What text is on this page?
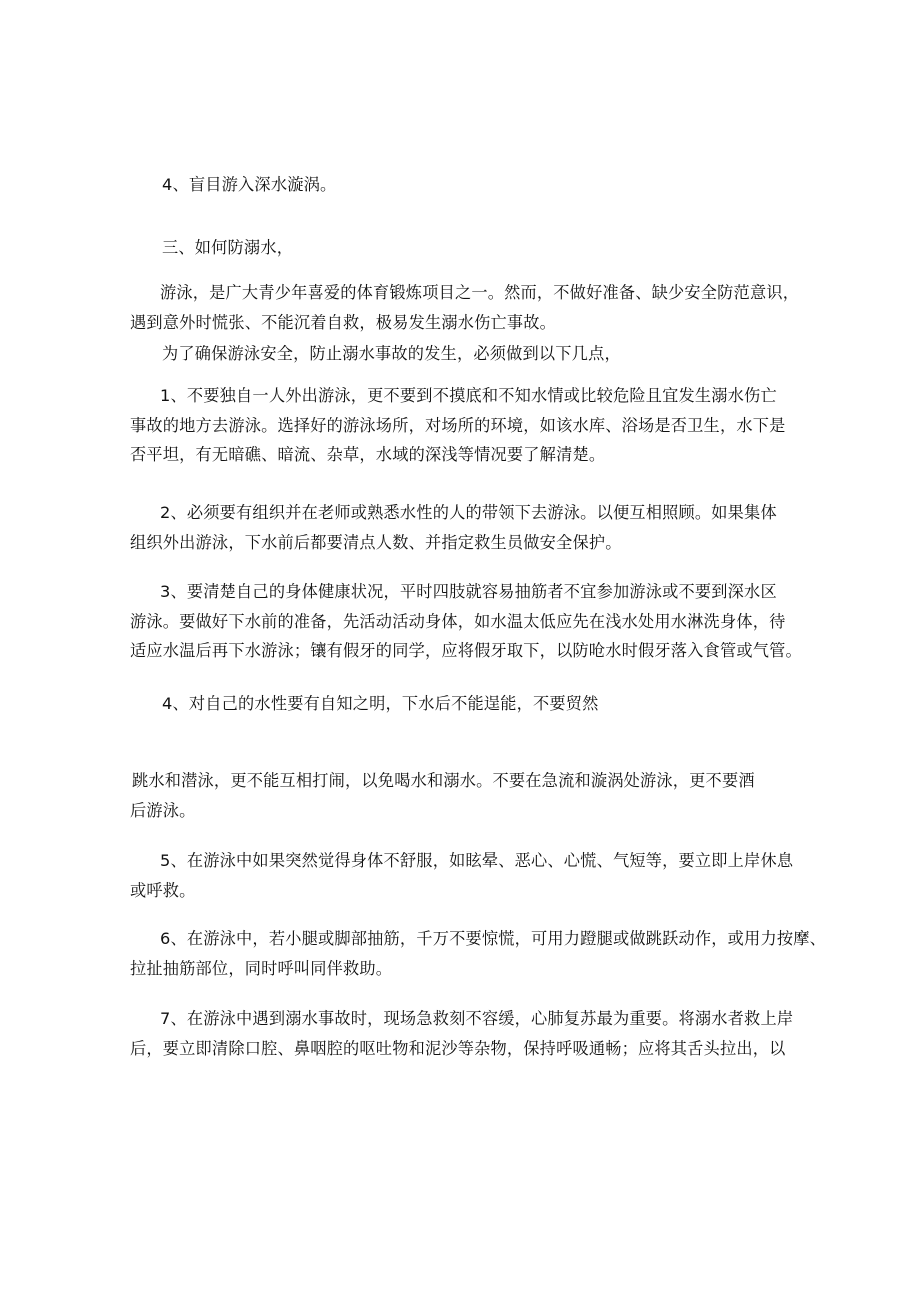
4、盲目游入深水漩涡。

三、如何防溺水，

游泳，是广大青少年喜爱的体育锻炼项目之一。然而，不做好准备、缺少安全防范意识，
遇到意外时慌张、不能沉着自救，极易发生溺水伤亡事故。

为了确保游泳安全，防止溺水事故的发生，必须做到以下几点，

1、不要独自一人外出游泳，更不要到不摸底和不知水情或比较危险且宜发生溺水伤亡
事故的地方去游泳。选择好的游泳场所，对场所的环境，如该水库、浴场是否卫生，水下是
否平坦，有无暗礁、暗流、杂草，水域的深浅等情况要了解清楚。

2、必须要有组织并在老师或熟悉水性的人的带领下去游泳。以便互相照顾。如果集体
组织外出游泳，下水前后都要清点人数、并指定救生员做安全保护。

3、要清楚自己的身体健康状况，平时四肢就容易抽筋者不宜参加游泳或不要到深水区
游泳。要做好下水前的准备，先活动活动身体，如水温太低应先在浅水处用水淋洗身体，待
适应水温后再下水游泳；镶有假牙的同学，应将假牙取下，以防呛水时假牙落入食管或气管。

4、对自己的水性要有自知之明，下水后不能逞能，不要贸然

跳水和潜泳，更不能互相打闹，以免喝水和溺水。不要在急流和漩涡处游泳，更不要酒
后游泳。

5、在游泳中如果突然觉得身体不舒服，如眩晕、恶心、心慌、气短等，要立即上岸休息
或呼救。

6、在游泳中，若小腿或脚部抽筋，千万不要惊慌，可用力蹬腿或做跳跃动作，或用力按摩、
拉扯抽筋部位，同时呼叫同伴救助。

7、在游泳中遇到溺水事故时，现场急救刻不容缓，心肺复苏最为重要。将溺水者救上岸
后，要立即清除口腔、鼻咽腔的呕吐物和泥沙等杂物，保持呼吸通畅；应将其舌头拉出，以
